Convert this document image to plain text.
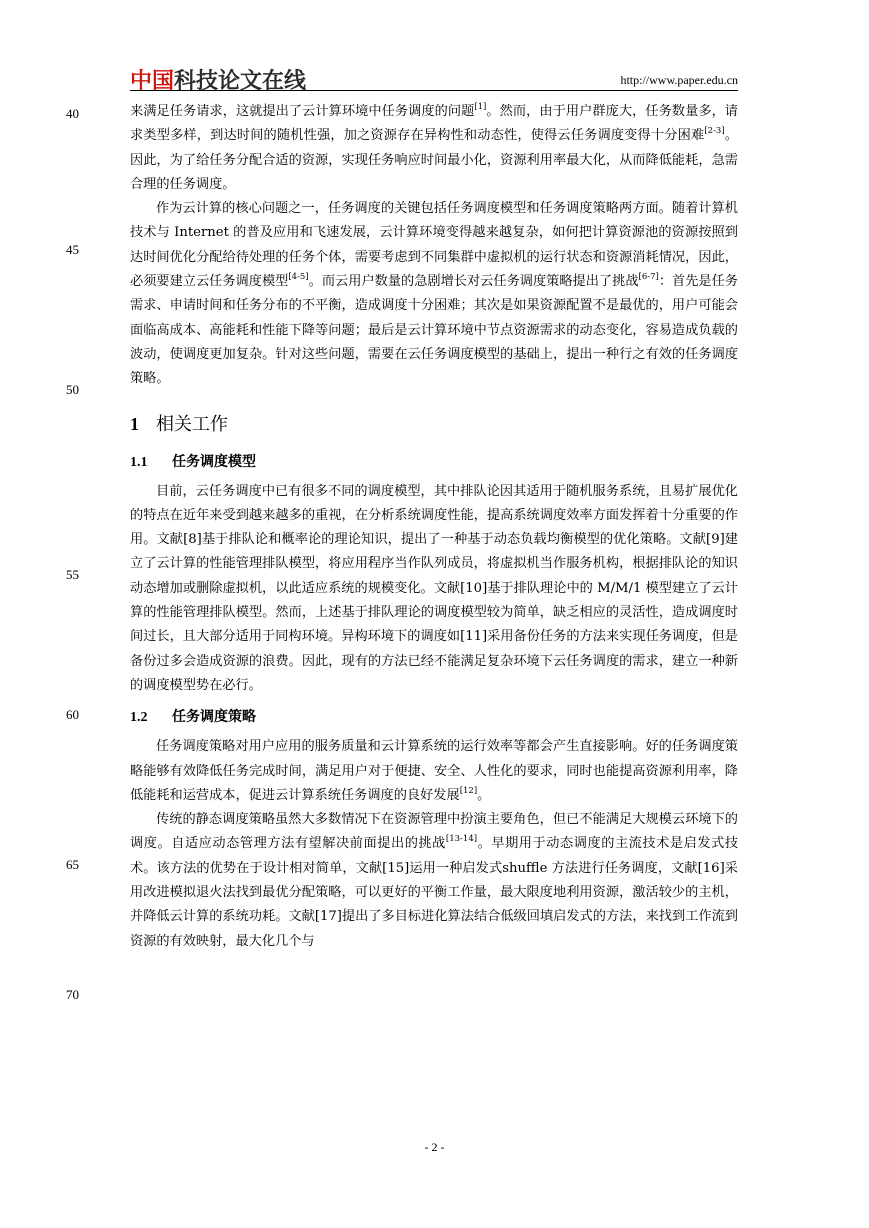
中国科技论文在线	http://www.paper.edu.cn
40
45
50
55
60
65
70

来满足任务请求，这就提出了云计算环境中任务调度的问题[1]。然而，由于用户群庞大，任务数量多，请求类型多样，到达时间的随机性强，加之资源存在异构性和动态性，使得云任务调度变得十分困难[2-3]。因此，为了给任务分配合适的资源，实现任务响应时间最小化，资源利用率最大化，从而降低能耗，急需合理的任务调度。

作为云计算的核心问题之一，任务调度的关键包括任务调度模型和任务调度策略两方面。随着计算机技术与 Internet 的普及应用和飞速发展，云计算环境变得越来越复杂，如何把计算资源池的资源按照到达时间优化分配给待处理的任务个体，需要考虑到不同集群中虚拟机的运行状态和资源消耗情况，因此，必须要建立云任务调度模型[4-5]。而云用户数量的急剧增长对云任务调度策略提出了挑战[6-7]：首先是任务需求、申请时间和任务分布的不平衡，造成调度十分困难；其次是如果资源配置不是最优的，用户可能会面临高成本、高能耗和性能下降等问题；最后是云计算环境中节点资源需求的动态变化，容易造成负载的波动，使调度更加复杂。针对这些问题，需要在云任务调度模型的基础上，提出一种行之有效的任务调度策略。

1 相关工作
1.1 任务调度模型

目前，云任务调度中已有很多不同的调度模型，其中排队论因其适用于随机服务系统，且易扩展优化的特点在近年来受到越来越多的重视，在分析系统调度性能，提高系统调度效率方面发挥着十分重要的作用。文献[8]基于排队论和概率论的理论知识，提出了一种基于动态负载均衡模型的优化策略。文献[9]建立了云计算的性能管理排队模型，将应用程序当作队列成员，将虚拟机当作服务机构，根据排队论的知识动态增加或删除虚拟机，以此适应系统的规模变化。文献[10]基于排队理论中的 M/M/1 模型建立了云计算的性能管理排队模型。然而，上述基于排队理论的调度模型较为简单，缺乏相应的灵活性，造成调度时间过长，且大部分适用于同构环境。异构环境下的调度如[11]采用备份任务的方法来实现任务调度，但是备份过多会造成资源的浪费。因此，现有的方法已经不能满足复杂环境下云任务调度的需求，建立一种新的调度模型势在必行。

1.2 任务调度策略

任务调度策略对用户应用的服务质量和云计算系统的运行效率等都会产生直接影响。好的任务调度策略能够有效降低任务完成时间，满足用户对于便捷、安全、人性化的要求，同时也能提高资源利用率，降低能耗和运营成本，促进云计算系统任务调度的良好发展[12]。

传统的静态调度策略虽然大多数情况下在资源管理中扮演主要角色，但已不能满足大规模云环境下的调度。自适应动态管理方法有望解决前面提出的挑战[13-14]。早期用于动态调度的主流技术是启发式技术。该方法的优势在于设计相对简单，文献[15]运用一种启发式shuffle 方法进行任务调度，文献[16]采用改进模拟退火法找到最优分配策略，可以更好的平衡工作量，最大限度地利用资源，激活较少的主机，并降低云计算的系统功耗。文献[17]提出了多目标进化算法结合低级回填启发式的方法，来找到工作流到资源的有效映射，最大化几个与

- 2 -
